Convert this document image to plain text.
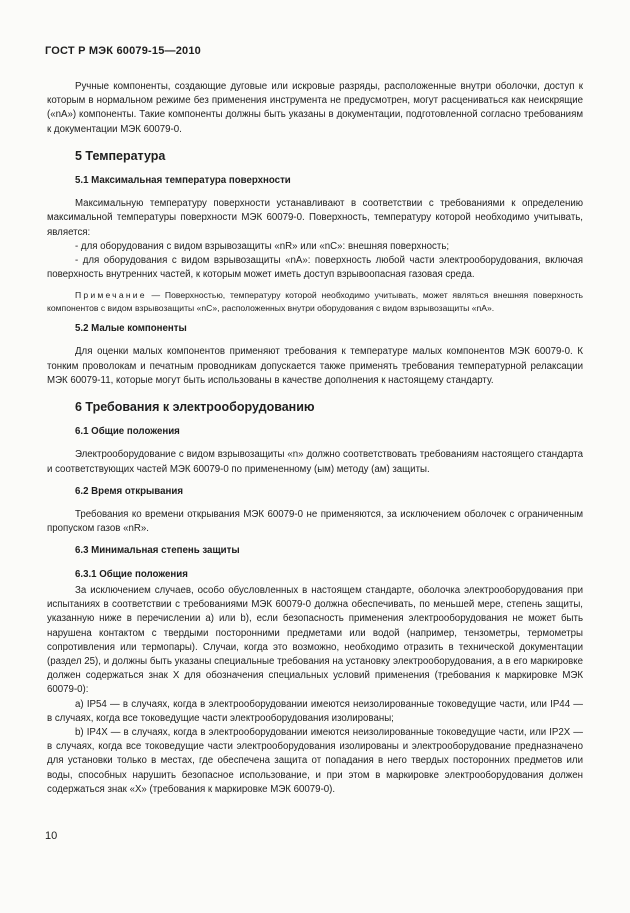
ГОСТ Р МЭК 60079-15—2010

Ручные компоненты, создающие дуговые или искровые разряды, расположенные внутри оболочки, доступ к которым в нормальном режиме без применения инструмента не предусмотрен, могут расцениваться как неискрящие («nA») компоненты. Такие компоненты должны быть указаны в документации, подготовленной согласно требованиям к документации МЭК 60079-0.

5 Температура
5.1 Максимальная температура поверхности

Максимальную температуру поверхности устанавливают в соответствии с требованиями к определению максимальной температуры поверхности МЭК 60079-0. Поверхность, температуру которой необходимо учитывать, является:

- для оборудования с видом взрывозащиты «nR» или «nC»: внешняя поверхность;

- для оборудования с видом взрывозащиты «nA»: поверхность любой части электрооборудования, включая поверхность внутренних частей, к которым может иметь доступ взрывоопасная газовая среда.

Примечание — Поверхностью, температуру которой необходимо учитывать, может являться внешняя поверхность компонентов с видом взрывозащиты «nC», расположенных внутри оборудования с видом взрывозащиты «nA».

5.2 Малые компоненты

Для оценки малых компонентов применяют требования к температуре малых компонентов МЭК 60079-0. К тонким проволокам и печатным проводникам допускается также применять требования температурной релаксации МЭК 60079-11, которые могут быть использованы в качестве дополнения к настоящему стандарту.

6 Требования к электрооборудованию
6.1 Общие положения

Электрооборудование с видом взрывозащиты «n» должно соответствовать требованиям настоящего стандарта и соответствующих частей МЭК 60079-0 по примененному (ым) методу (ам) защиты.

6.2 Время открывания

Требования ко времени открывания МЭК 60079-0 не применяются, за исключением оболочек с ограниченным пропуском газов «nR».

6.3 Минимальная степень защиты
6.3.1 Общие положения

За исключением случаев, особо обусловленных в настоящем стандарте, оболочка электрооборудования при испытаниях в соответствии с требованиями МЭК 60079-0 должна обеспечивать, по меньшей мере, степень защиты, указанную ниже в перечислении а) или b), если безопасность применения электрооборудования не может быть нарушена контактом с твердыми посторонними предметами или водой (например, тензометры, термометры сопротивления или термопары). Случаи, когда это возможно, необходимо отразить в технической документации (раздел 25), и должны быть указаны специальные требования на установку электрооборудования, а в его маркировке должен содержаться знак X для обозначения специальных условий применения (требования к маркировке МЭК 60079-0):

а) IP54 — в случаях, когда в электрооборудовании имеются неизолированные токоведущие части, или IP44 — в случаях, когда все токоведущие части электрооборудования изолированы;

b) IP4X — в случаях, когда в электрооборудовании имеются неизолированные токоведущие части, или IP2X — в случаях, когда все токоведущие части электрооборудования изолированы и электрооборудование предназначено для установки только в местах, где обеспечена защита от попадания в него твердых посторонних предметов или воды, способных нарушить безопасное использование, и при этом в маркировке электрооборудования должен содержаться знак «X» (требования к маркировке МЭК 60079-0).

10
